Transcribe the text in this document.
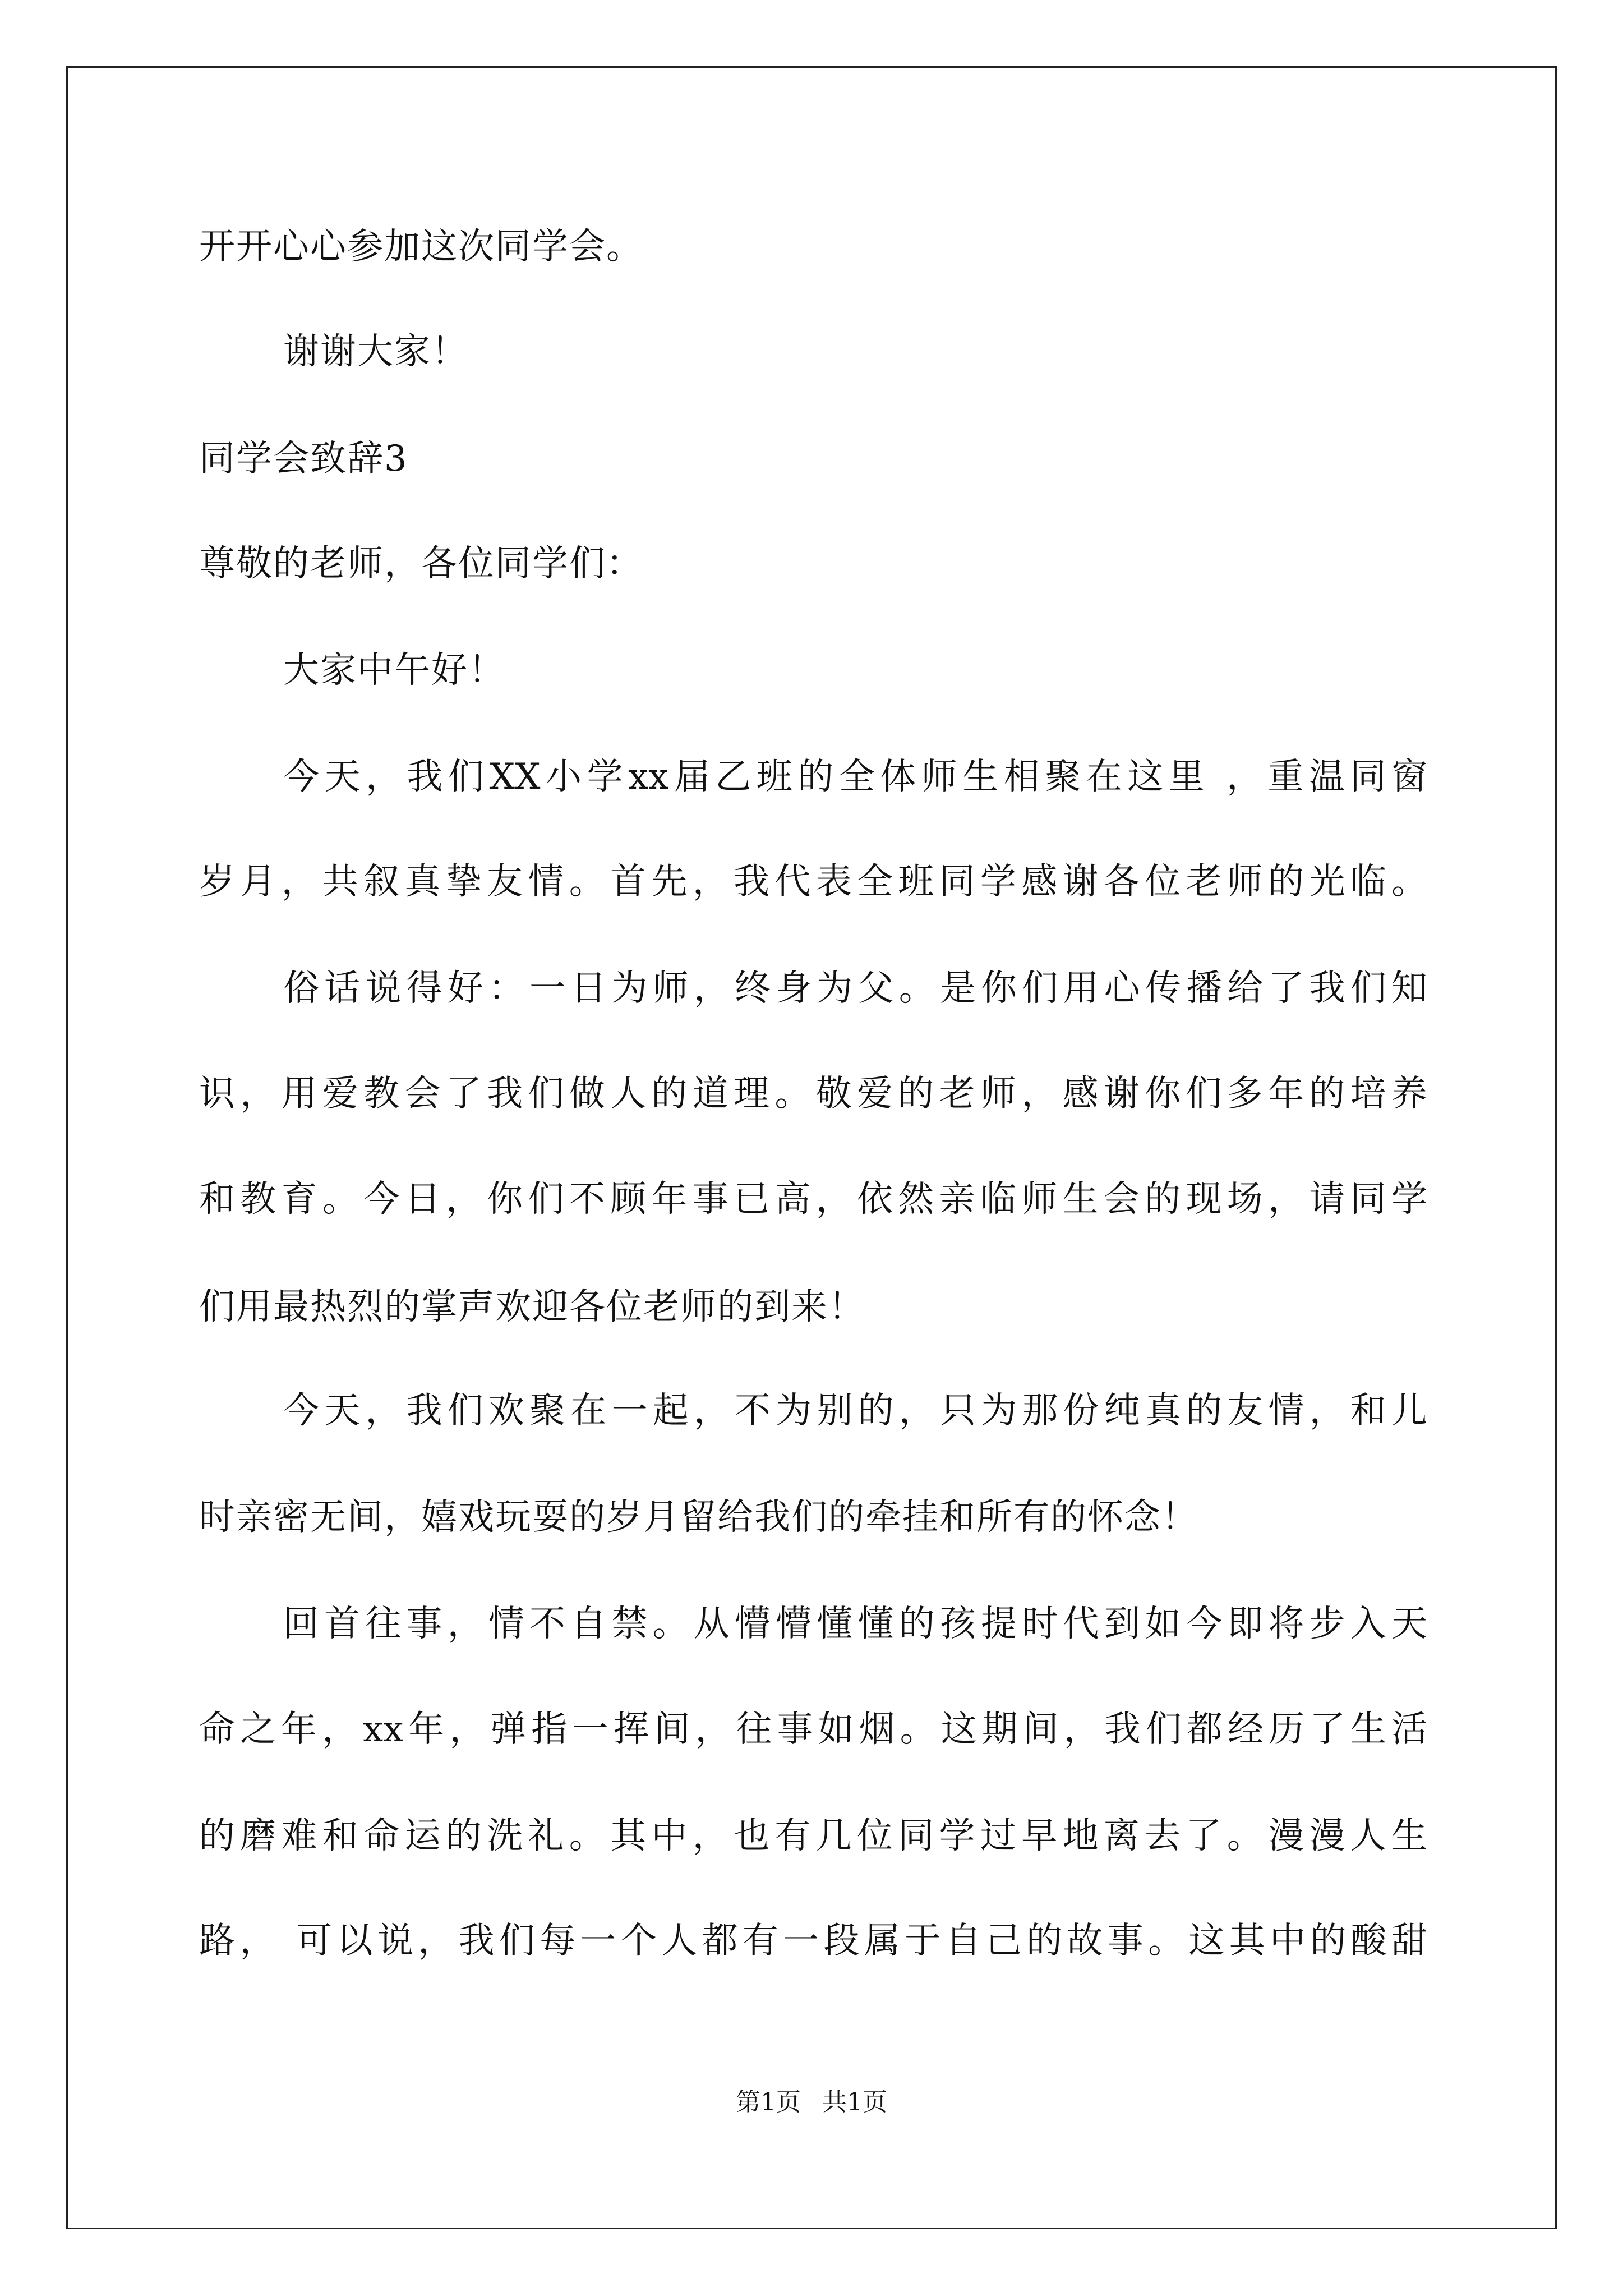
开开心心参加这次同学会。
谢谢大家！
同学会致辞3
尊敬的老师，各位同学们：
大家中午好！
今天，我们XX小学xx届乙班的全体师生相聚在这里 ，重温同窗
岁月，共叙真挚友情。首先，我代表全班同学感谢各位老师的光临。
俗话说得好：一日为师，终身为父。是你们用心传播给了我们知
识，用爱教会了我们做人的道理。敬爱的老师，感谢你们多年的培养
和教育。今日，你们不顾年事已高，依然亲临师生会的现场，请同学
们用最热烈的掌声欢迎各位老师的到来！
今天，我们欢聚在一起，不为别的，只为那份纯真的友情，和儿
时亲密无间，嬉戏玩耍的岁月留给我们的牵挂和所有的怀念！
回首往事，情不自禁。从懵懵懂懂的孩提时代到如今即将步入天
命之年，xx年，弹指一挥间，往事如烟。这期间，我们都经历了生活
的磨难和命运的洗礼。其中，也有几位同学过早地离去了。漫漫人生
路， 可以说，我们每一个人都有一段属于自己的故事。这其中的酸甜
第1页 共1页
